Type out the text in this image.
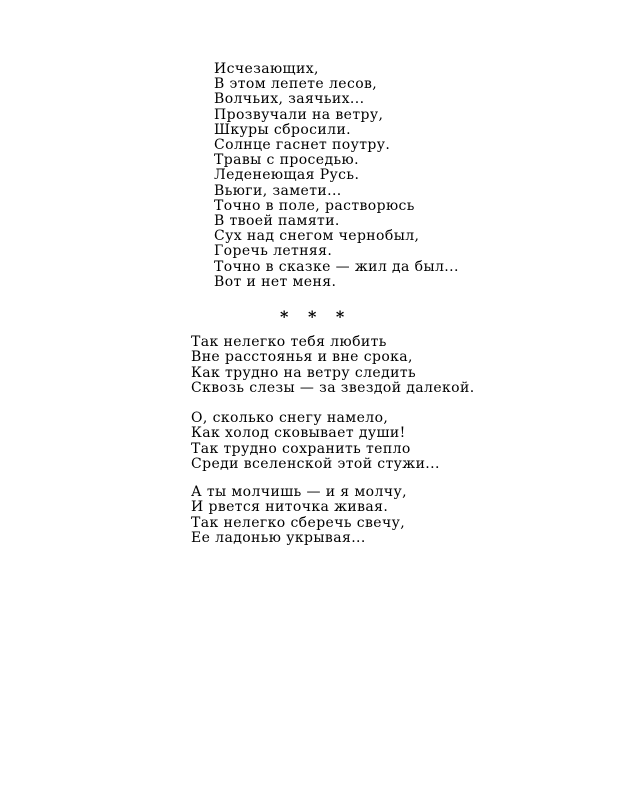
Исчезающих,
В этом лепете лесов,
Волчьих, заячьих...
Прозвучали на ветру,
Шкуры сбросили.
Солнце гаснет поутру.
Травы с проседью.
Леденеющая Русь.
Вьюги, замети...
Точно в поле, растворюсь
В твоей памяти.
Сух над снегом чернобыл,
Горечь летняя.
Точно в сказке — жил да был...
Вот и нет меня.
* * *
Так нелегко тебя любить
Вне расстоянья и вне срока,
Как трудно на ветру следить
Сквозь слезы — за звездой далекой.
О, сколько снегу намело,
Как холод сковывает души!
Так трудно сохранить тепло
Среди вселенской этой стужи...
А ты молчишь — и я молчу,
И рвется ниточка живая.
Так нелегко сберечь свечу,
Ее ладонью укрывая...
